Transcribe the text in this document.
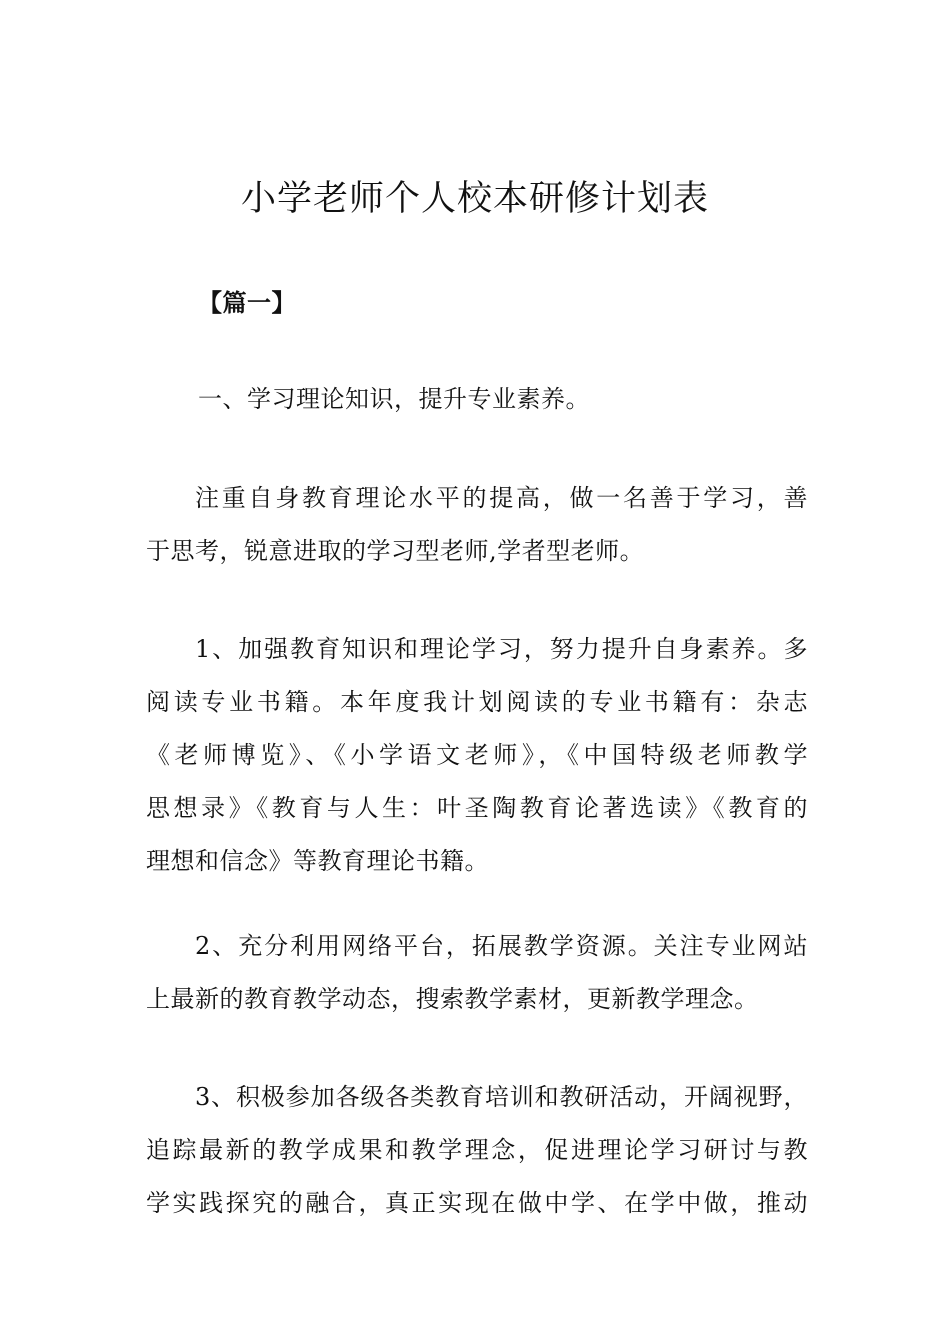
小学老师个人校本研修计划表

【篇一】

一、学习理论知识，提升专业素养。

注重自身教育理论水平的提高，做一名善于学习，善
于思考，锐意进取的学习型老师,学者型老师。
1、加强教育知识和理论学习，努力提升自身素养。多
阅读专业书籍。本年度我计划阅读的专业书籍有：杂志
《老师博览》、《小学语文老师》，《中国特级老师教学
思想录》《教育与人生：叶圣陶教育论著选读》《教育的
理想和信念》等教育理论书籍。
2、充分利用网络平台，拓展教学资源。关注专业网站
上最新的教育教学动态，搜索教学素材，更新教学理念。
3、积极参加各级各类教育培训和教研活动，开阔视野，
追踪最新的教学成果和教学理念，促进理论学习研讨与教
学实践探究的融合，真正实现在做中学、在学中做，推动
